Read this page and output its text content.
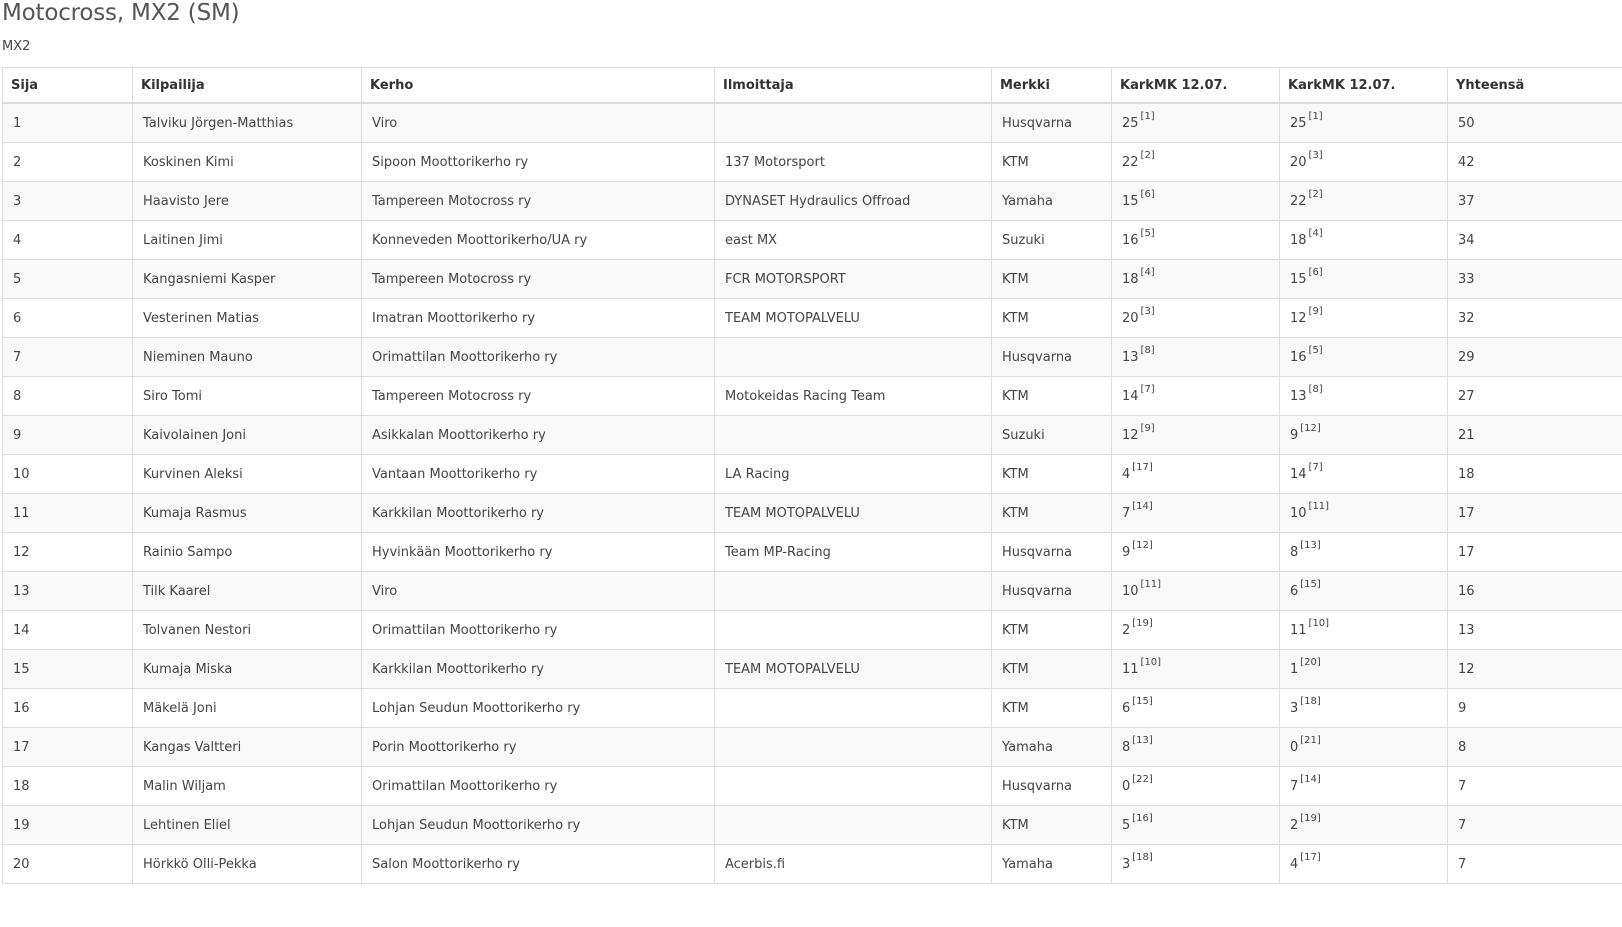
Motocross, MX2 (SM)
MX2
Sija	Kilpailija	Kerho	Ilmoittaja	Merkki	KarkMK 12.07.	KarkMK 12.07.	Yhteensä
1	Talviku Jörgen-Matthias	Viro		Husqvarna	25 [1]	25 [1]	50
2	Koskinen Kimi	Sipoon Moottorikerho ry	137 Motorsport	KTM	22 [2]	20 [3]	42
3	Haavisto Jere	Tampereen Motocross ry	DYNASET Hydraulics Offroad	Yamaha	15 [6]	22 [2]	37
4	Laitinen Jimi	Konneveden Moottorikerho/UA ry	east MX	Suzuki	16 [5]	18 [4]	34
5	Kangasniemi Kasper	Tampereen Motocross ry	FCR MOTORSPORT	KTM	18 [4]	15 [6]	33
6	Vesterinen Matias	Imatran Moottorikerho ry	TEAM MOTOPALVELU	KTM	20 [3]	12 [9]	32
7	Nieminen Mauno	Orimattilan Moottorikerho ry		Husqvarna	13 [8]	16 [5]	29
8	Siro Tomi	Tampereen Motocross ry	Motokeidas Racing Team	KTM	14 [7]	13 [8]	27
9	Kaivolainen Joni	Asikkalan Moottorikerho ry		Suzuki	12 [9]	9 [12]	21
10	Kurvinen Aleksi	Vantaan Moottorikerho ry	LA Racing	KTM	4 [17]	14 [7]	18
11	Kumaja Rasmus	Karkkilan Moottorikerho ry	TEAM MOTOPALVELU	KTM	7 [14]	10 [11]	17
12	Rainio Sampo	Hyvinkään Moottorikerho ry	Team MP-Racing	Husqvarna	9 [12]	8 [13]	17
13	Tilk Kaarel	Viro		Husqvarna	10 [11]	6 [15]	16
14	Tolvanen Nestori	Orimattilan Moottorikerho ry		KTM	2 [19]	11 [10]	13
15	Kumaja Miska	Karkkilan Moottorikerho ry	TEAM MOTOPALVELU	KTM	11 [10]	1 [20]	12
16	Mäkelä Joni	Lohjan Seudun Moottorikerho ry		KTM	6 [15]	3 [18]	9
17	Kangas Valtteri	Porin Moottorikerho ry		Yamaha	8 [13]	0 [21]	8
18	Malin Wiljam	Orimattilan Moottorikerho ry		Husqvarna	0 [22]	7 [14]	7
19	Lehtinen Eliel	Lohjan Seudun Moottorikerho ry		KTM	5 [16]	2 [19]	7
20	Hörkkö Olli-Pekka	Salon Moottorikerho ry	Acerbis.fi	Yamaha	3 [18]	4 [17]	7
